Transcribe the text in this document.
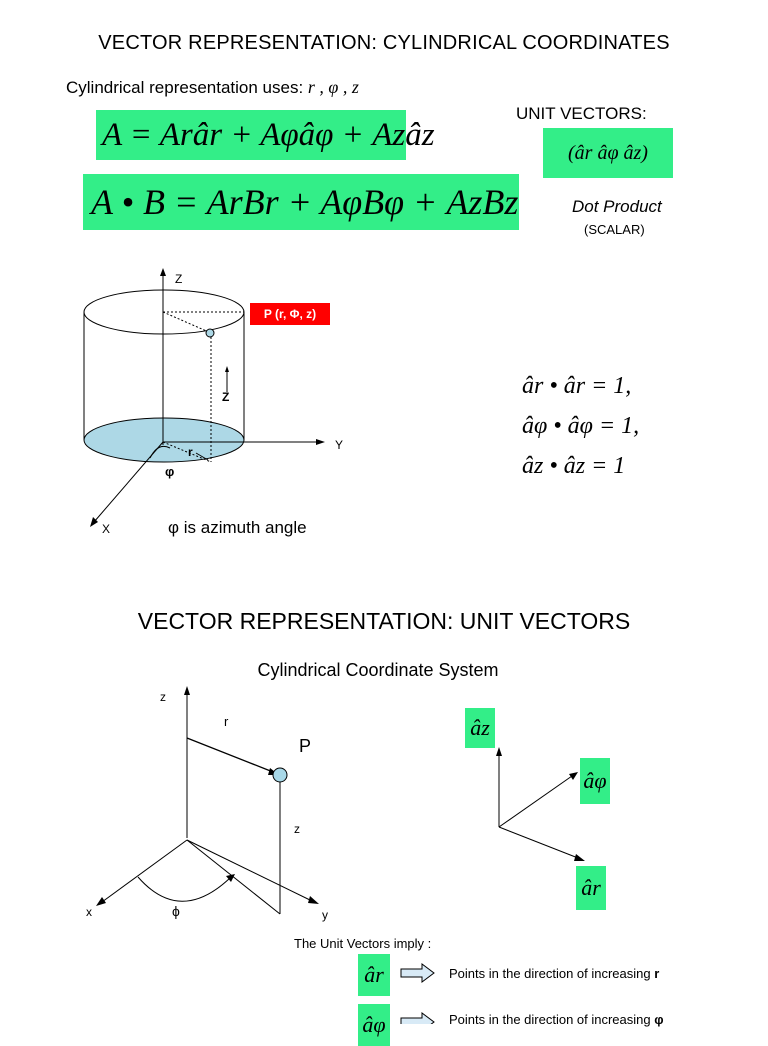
VECTOR REPRESENTATION: CYLINDRICAL COORDINATES
Cylindrical representation uses: r , φ , z
A = Arâr + Aφâφ + Azâz
A • B = ArBr + AφBφ + AzBz
UNIT VECTORS:
(âr âφ âz)
Dot Product
(SCALAR)
Z
Y
X
Z
r
φ
P (r, Φ, z)
φ is azimuth angle
âr • âr = 1,
âφ • âφ = 1,
âz • âz = 1
VECTOR REPRESENTATION: UNIT VECTORS
Cylindrical Coordinate System
z
x	y
r
P
z
ϕ
âz
âφ
âr
The Unit Vectors imply :
âr	Points in the direction of increasing r
âφ	Points in the direction of increasing φ
